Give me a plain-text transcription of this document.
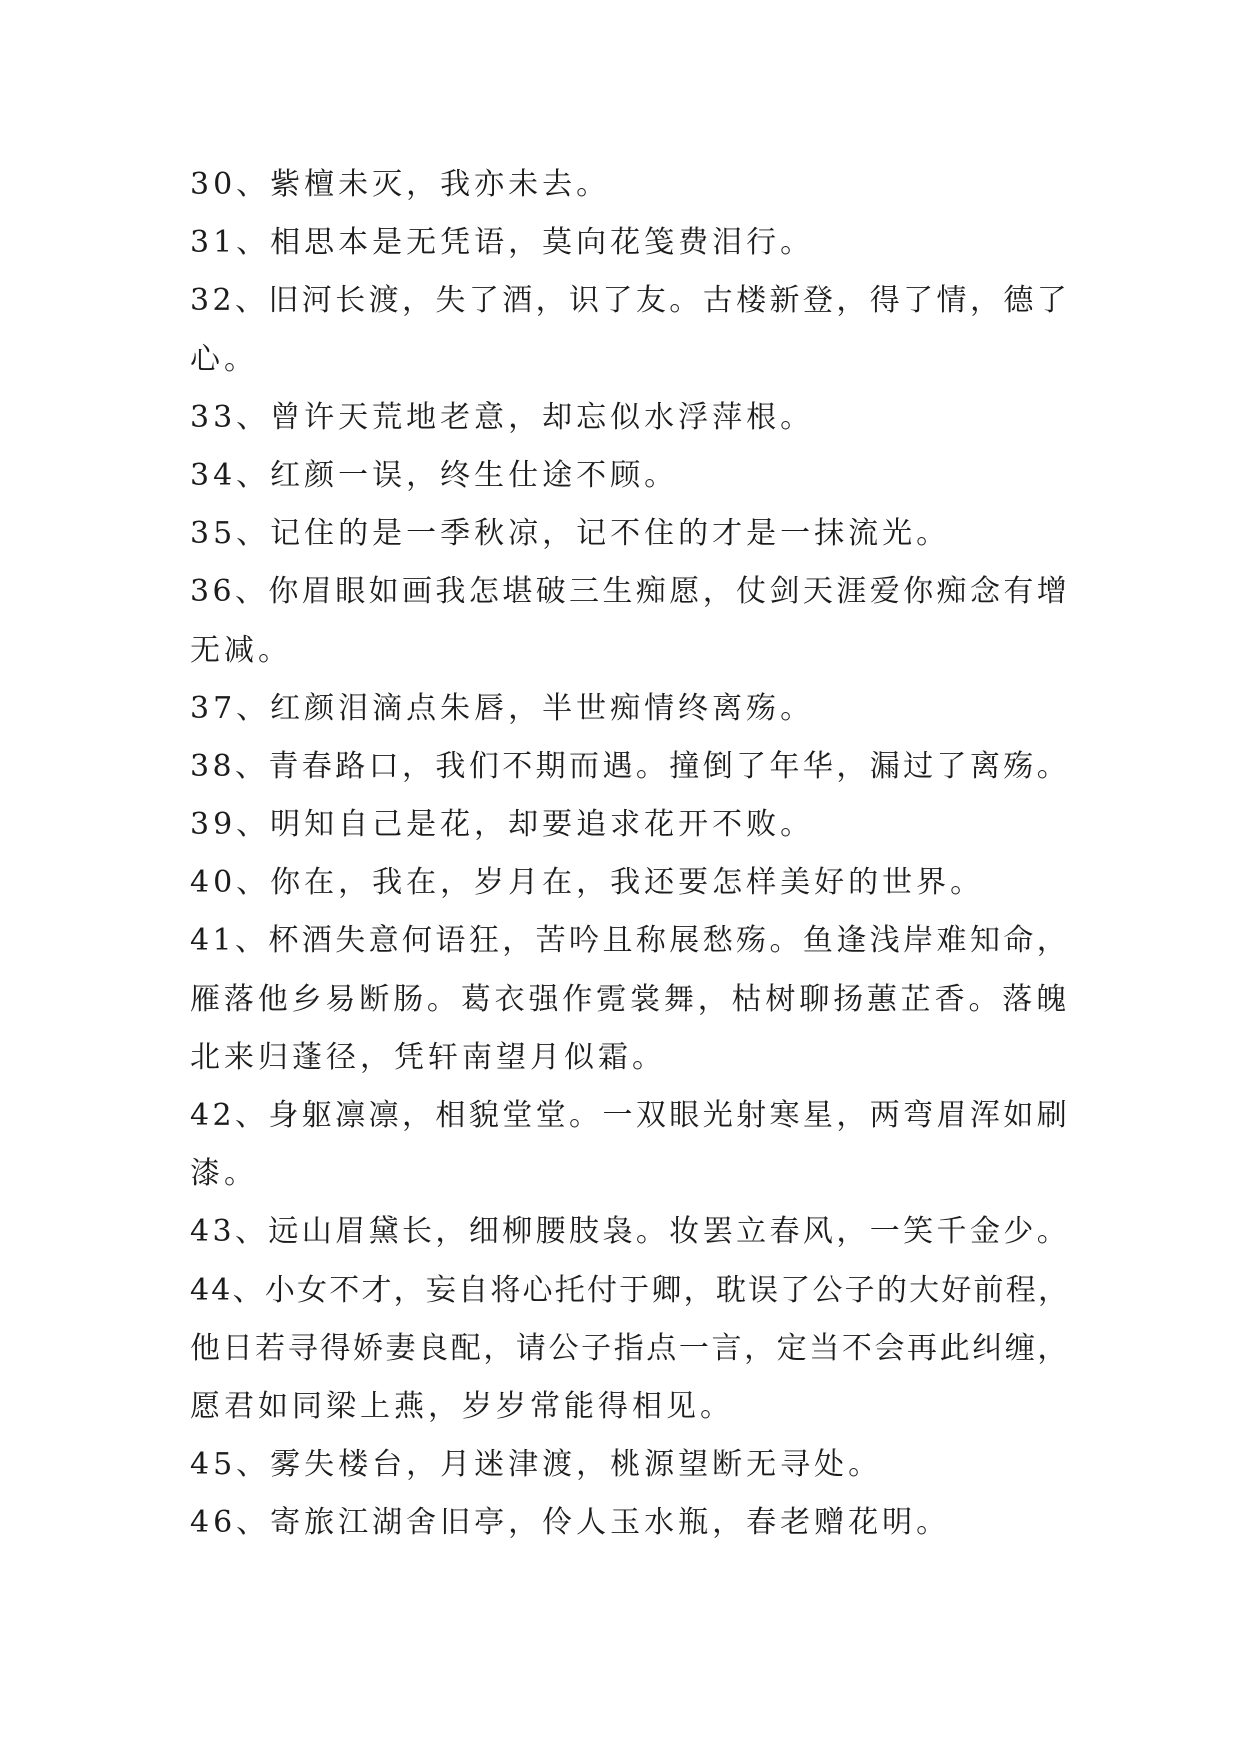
30、紫檀未灭，我亦未去。
31、相思本是无凭语，莫向花笺费泪行。
32、旧河长渡，失了酒，识了友。古楼新登，得了情，德了
心。
33、曾许天荒地老意，却忘似水浮萍根。
34、红颜一误，终生仕途不顾。
35、记住的是一季秋凉，记不住的才是一抹流光。
36、你眉眼如画我怎堪破三生痴愿，仗剑天涯爱你痴念有增
无减。
37、红颜泪滴点朱唇，半世痴情终离殇。
38、青春路口，我们不期而遇。撞倒了年华，漏过了离殇。
39、明知自己是花，却要追求花开不败。
40、你在，我在，岁月在，我还要怎样美好的世界。
41、杯酒失意何语狂，苦吟且称展愁殇。鱼逢浅岸难知命，
雁落他乡易断肠。葛衣强作霓裳舞，枯树聊扬蕙芷香。落魄
北来归蓬径，凭轩南望月似霜。
42、身躯凛凛，相貌堂堂。一双眼光射寒星，两弯眉浑如刷
漆。
43、远山眉黛长，细柳腰肢袅。妆罢立春风，一笑千金少。
44、小女不才，妄自将心托付于卿，耽误了公子的大好前程，
他日若寻得娇妻良配，请公子指点一言，定当不会再此纠缠，
愿君如同梁上燕，岁岁常能得相见。
45、雾失楼台，月迷津渡，桃源望断无寻处。
46、寄旅江湖舍旧亭，伶人玉水瓶，春老赠花明。
